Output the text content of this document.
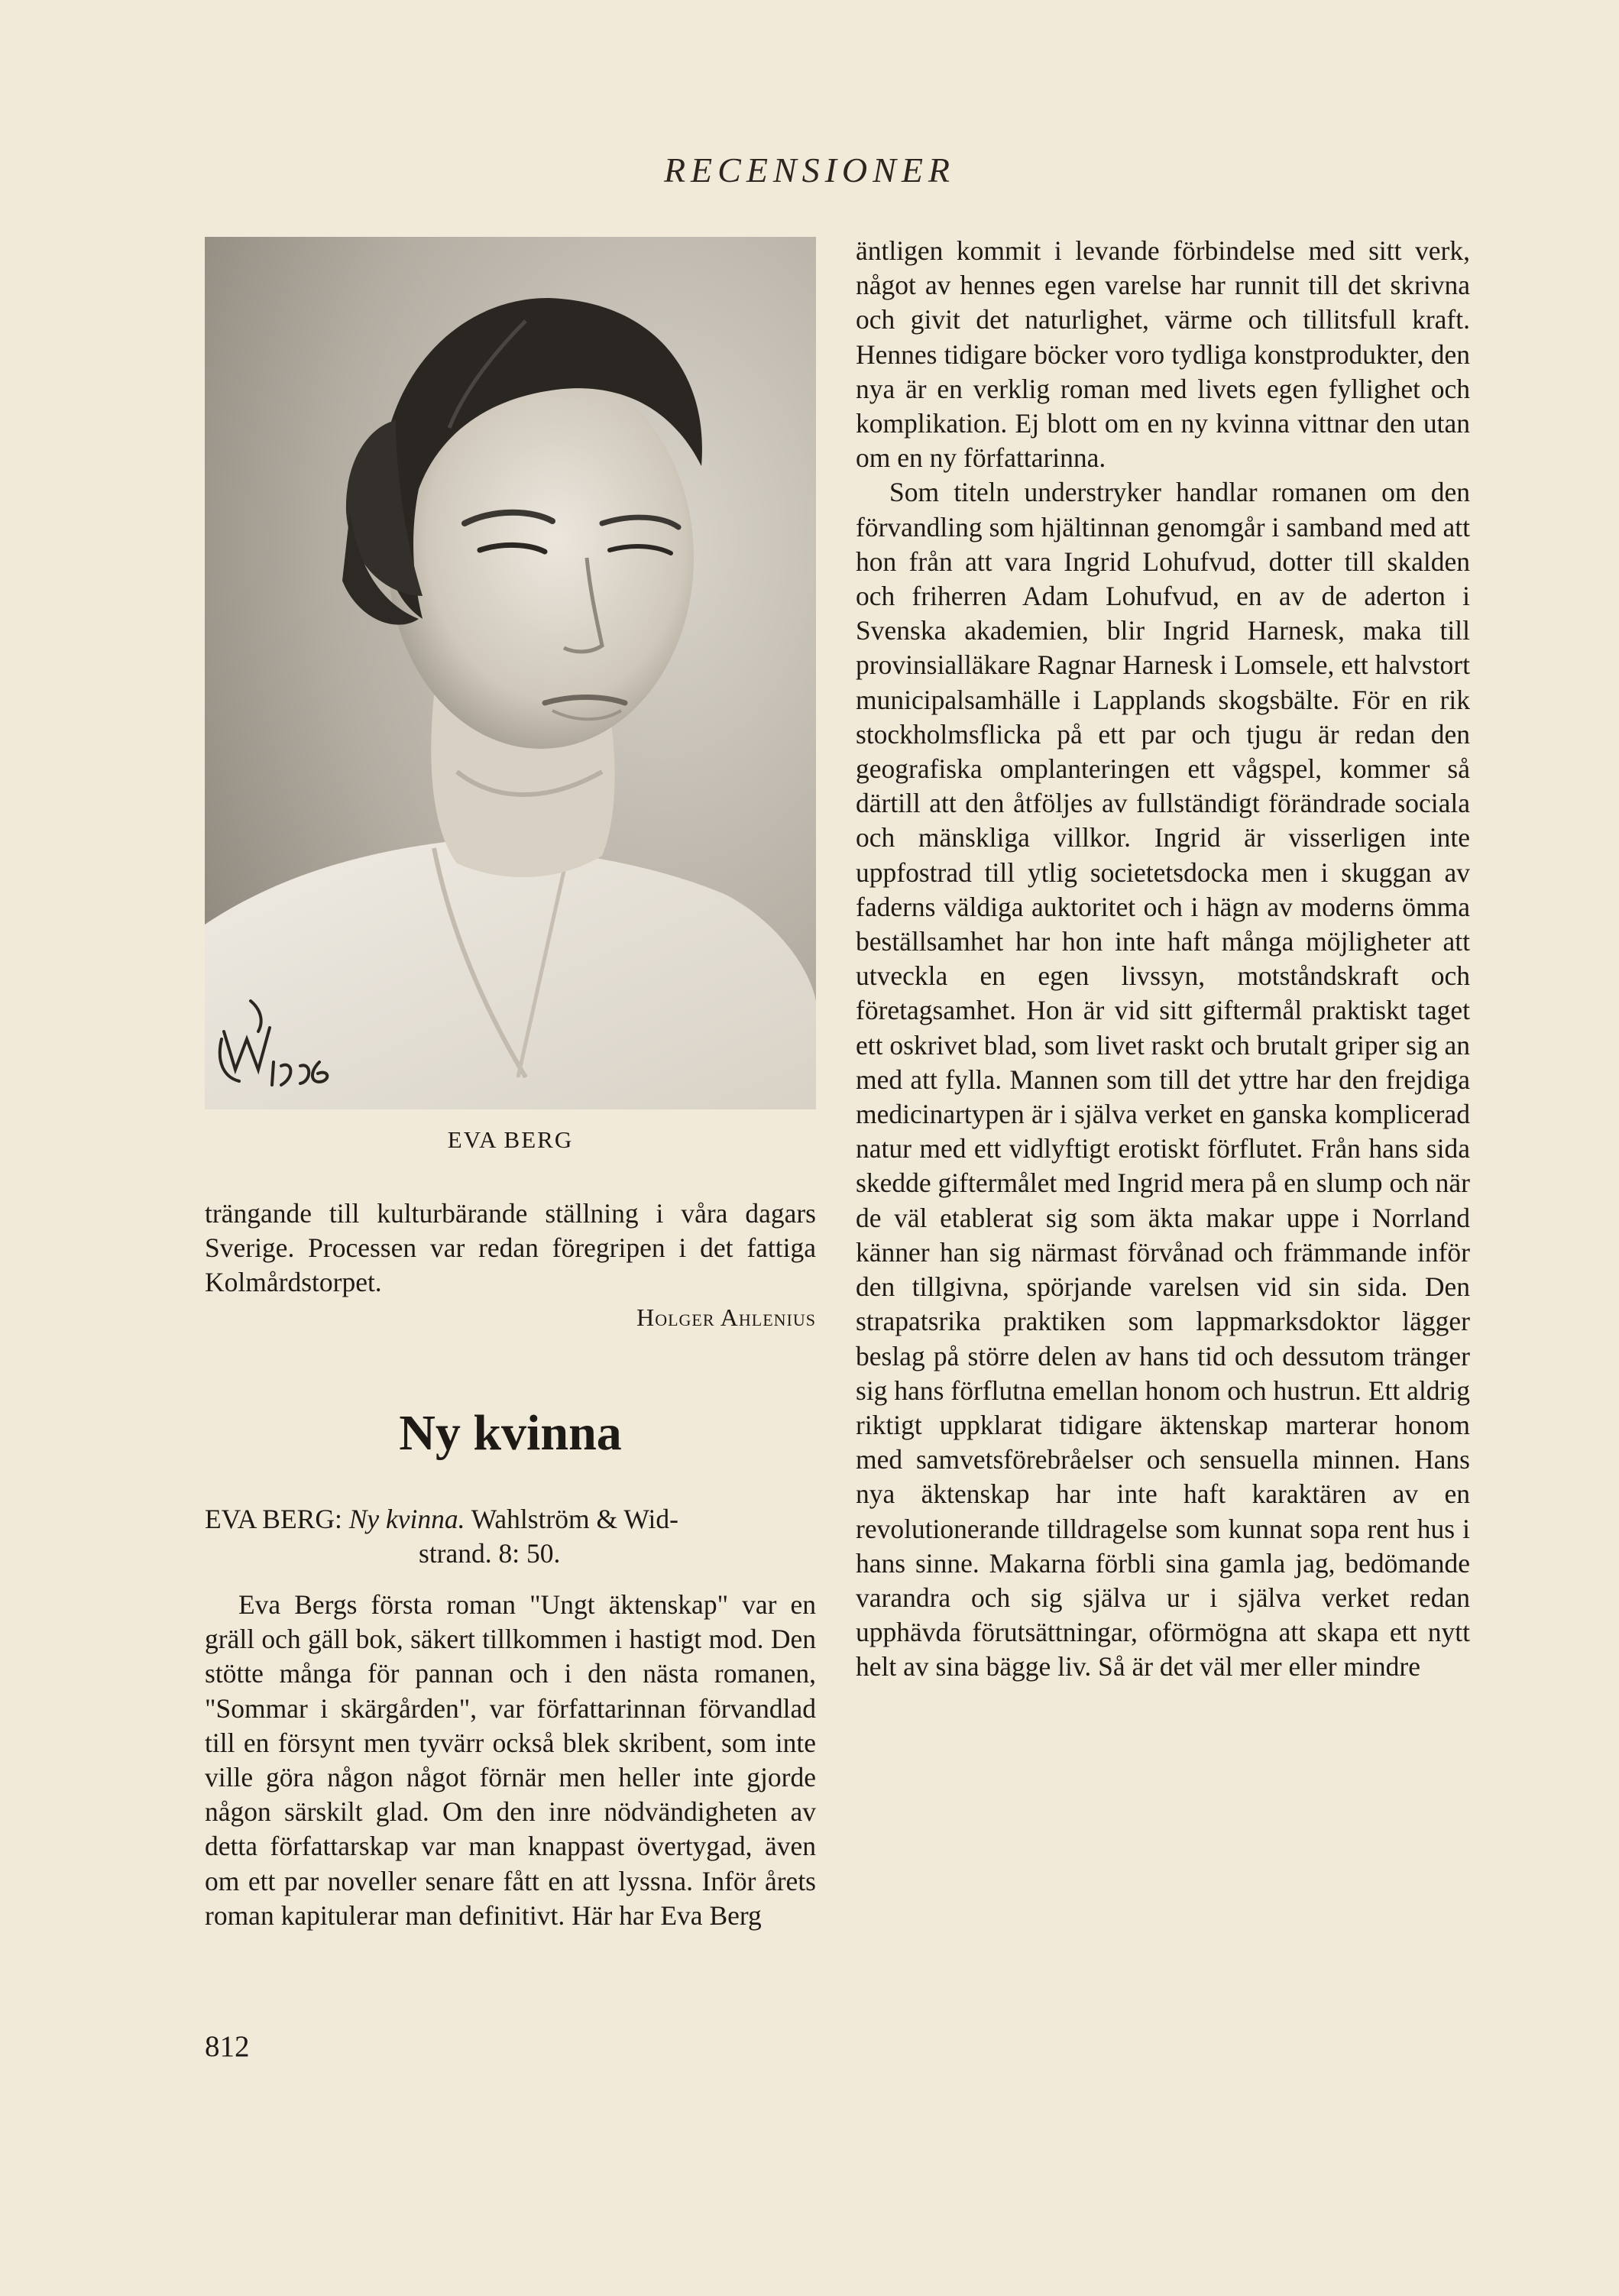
RECENSIONER
EVA BERG

trängande till kulturbärande ställning i våra dagars Sverige. Processen var redan föregripen i det fattiga Kolmårdstorpet.

Holger Ahlenius
Ny kvinna
EVA BERG: Ny kvinna. Wahlström & Wid-
strand. 8: 50.

Eva Bergs första roman "Ungt äktenskap" var en gräll och gäll bok, säkert tillkommen i hastigt mod. Den stötte många för pannan och i den nästa romanen, "Sommar i skärgården", var författarinnan förvandlad till en försynt men tyvärr också blek skribent, som inte ville göra någon något förnär men heller inte gjorde någon särskilt glad. Om den inre nödvändigheten av detta författarskap var man knappast övertygad, även om ett par noveller senare fått en att lyssna. Inför årets roman kapitulerar man definitivt. Här har Eva Berg

äntligen kommit i levande förbindelse med sitt verk, något av hennes egen varelse har runnit till det skrivna och givit det naturlighet, värme och tillitsfull kraft. Hennes tidigare böcker voro tydliga konstprodukter, den nya är en verklig roman med livets egen fyllighet och komplikation. Ej blott om en ny kvinna vittnar den utan om en ny författarinna.

Som titeln understryker handlar romanen om den förvandling som hjältinnan genomgår i samband med att hon från att vara Ingrid Lohufvud, dotter till skalden och friherren Adam Lohufvud, en av de aderton i Svenska akademien, blir Ingrid Harnesk, maka till provinsialläkare Ragnar Harnesk i Lomsele, ett halvstort municipalsamhälle i Lapplands skogsbälte. För en rik stockholmsflicka på ett par och tjugu är redan den geografiska omplanteringen ett vågspel, kommer så därtill att den åtföljes av fullständigt förändrade sociala och mänskliga villkor. Ingrid är visserligen inte uppfostrad till ytlig societetsdocka men i skuggan av faderns väldiga auktoritet och i hägn av moderns ömma beställsamhet har hon inte haft många möjligheter att utveckla en egen livssyn, motståndskraft och företagsamhet. Hon är vid sitt giftermål praktiskt taget ett oskrivet blad, som livet raskt och brutalt griper sig an med att fylla. Mannen som till det yttre har den frejdiga medicinartypen är i själva verket en ganska komplicerad natur med ett vidlyftigt erotiskt förflutet. Från hans sida skedde giftermålet med Ingrid mera på en slump och när de väl etablerat sig som äkta makar uppe i Norrland känner han sig närmast förvånad och främmande inför den tillgivna, spörjande varelsen vid sin sida. Den strapatsrika praktiken som lappmarksdoktor lägger beslag på större delen av hans tid och dessutom tränger sig hans förflutna emellan honom och hustrun. Ett aldrig riktigt uppklarat tidigare äktenskap marterar honom med samvetsförebråelser och sensuella minnen. Hans nya äktenskap har inte haft karaktären av en revolutionerande tilldragelse som kunnat sopa rent hus i hans sinne. Makarna förbli sina gamla jag, bedömande varandra och sig själva ur i själva verket redan upphävda förutsättningar, oförmögna att skapa ett nytt helt av sina bägge liv. Så är det väl mer eller mindre

812
